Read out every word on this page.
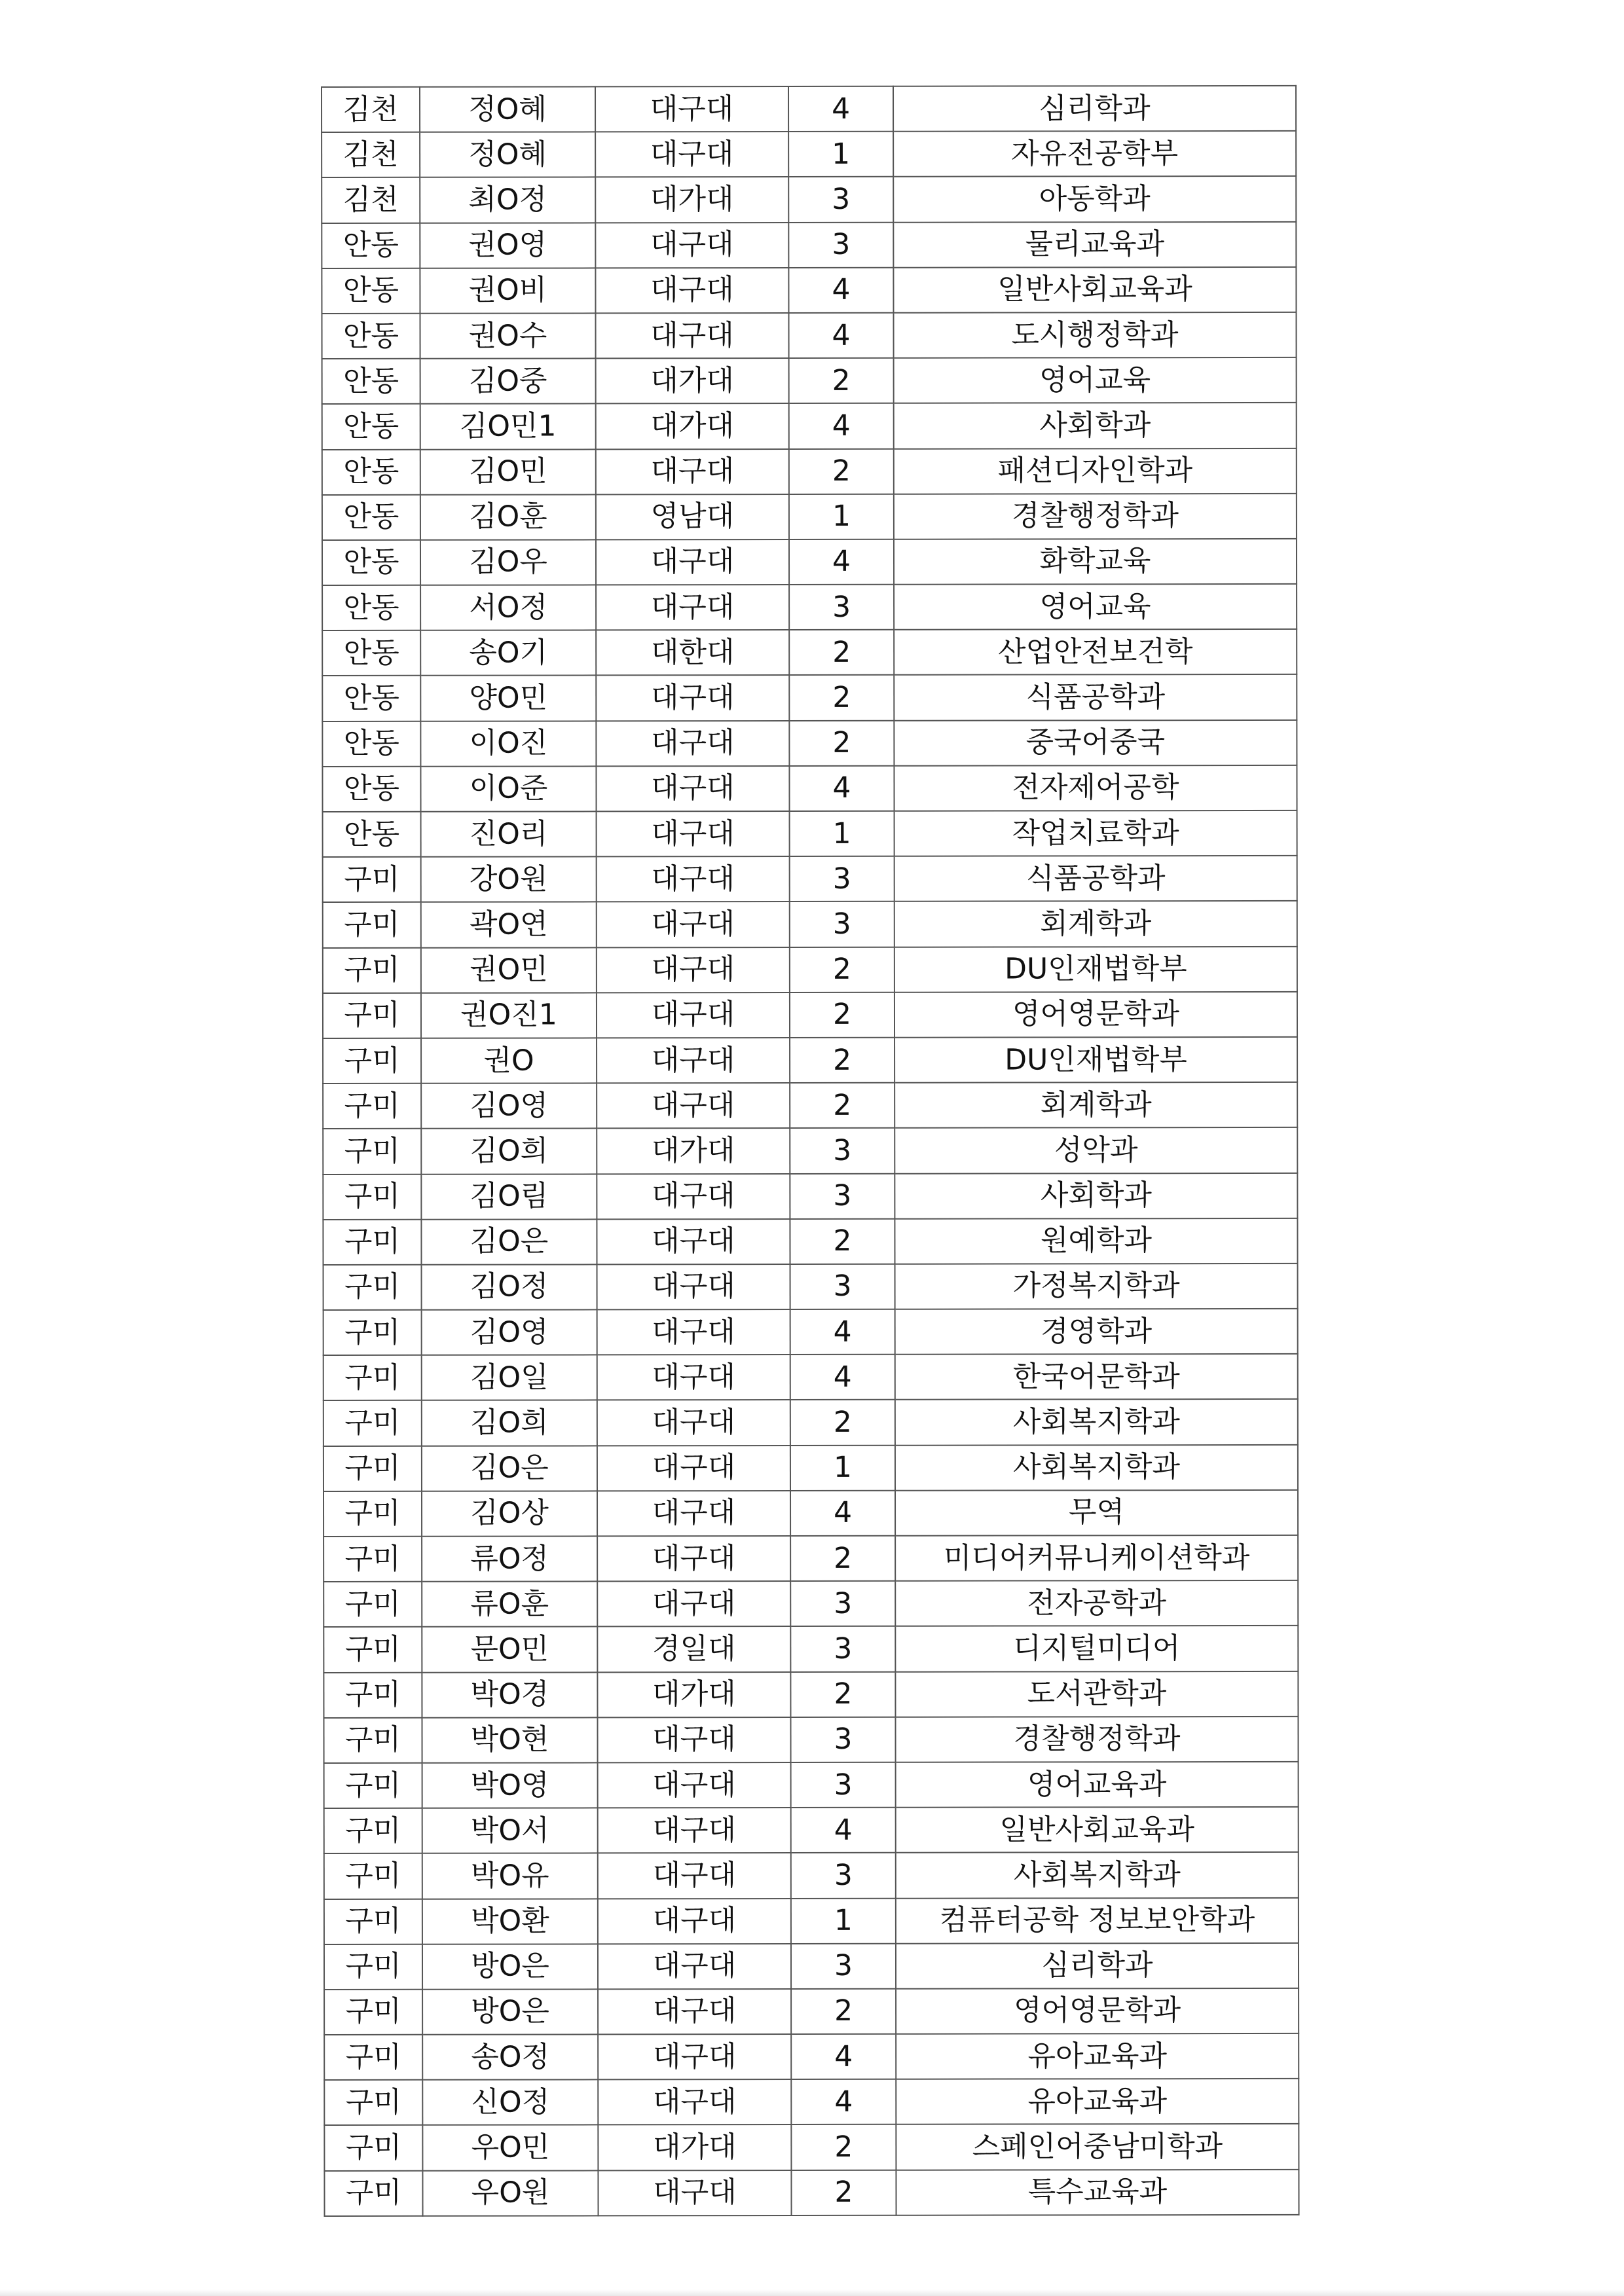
김천	정O혜	대구대	4	심리학과
김천	정O혜	대구대	1	자유전공학부
김천	최O정	대가대	3	아동학과
안동	권O영	대구대	3	물리교육과
안동	권O비	대구대	4	일반사회교육과
안동	권O수	대구대	4	도시행정학과
안동	김O중	대가대	2	영어교육
안동	김O민1	대가대	4	사회학과
안동	김O민	대구대	2	패션디자인학과
안동	김O훈	영남대	1	경찰행정학과
안동	김O우	대구대	4	화학교육
안동	서O정	대구대	3	영어교육
안동	송O기	대한대	2	산업안전보건학
안동	양O민	대구대	2	식품공학과
안동	이O진	대구대	2	중국어중국
안동	이O준	대구대	4	전자제어공학
안동	진O리	대구대	1	작업치료학과
구미	강O원	대구대	3	식품공학과
구미	곽O연	대구대	3	회계학과
구미	권O민	대구대	2	DU인재법학부
구미	권O진1	대구대	2	영어영문학과
구미	권O	대구대	2	DU인재법학부
구미	김O영	대구대	2	회계학과
구미	김O희	대가대	3	성악과
구미	김O림	대구대	3	사회학과
구미	김O은	대구대	2	원예학과
구미	김O정	대구대	3	가정복지학과
구미	김O영	대구대	4	경영학과
구미	김O일	대구대	4	한국어문학과
구미	김O희	대구대	2	사회복지학과
구미	김O은	대구대	1	사회복지학과
구미	김O상	대구대	4	무역
구미	류O정	대구대	2	미디어커뮤니케이션학과
구미	류O훈	대구대	3	전자공학과
구미	문O민	경일대	3	디지털미디어
구미	박O경	대가대	2	도서관학과
구미	박O현	대구대	3	경찰행정학과
구미	박O영	대구대	3	영어교육과
구미	박O서	대구대	4	일반사회교육과
구미	박O유	대구대	3	사회복지학과
구미	박O환	대구대	1	컴퓨터공학 정보보안학과
구미	방O은	대구대	3	심리학과
구미	방O은	대구대	2	영어영문학과
구미	송O정	대구대	4	유아교육과
구미	신O정	대구대	4	유아교육과
구미	우O민	대가대	2	스페인어중남미학과
구미	우O원	대구대	2	특수교육과
